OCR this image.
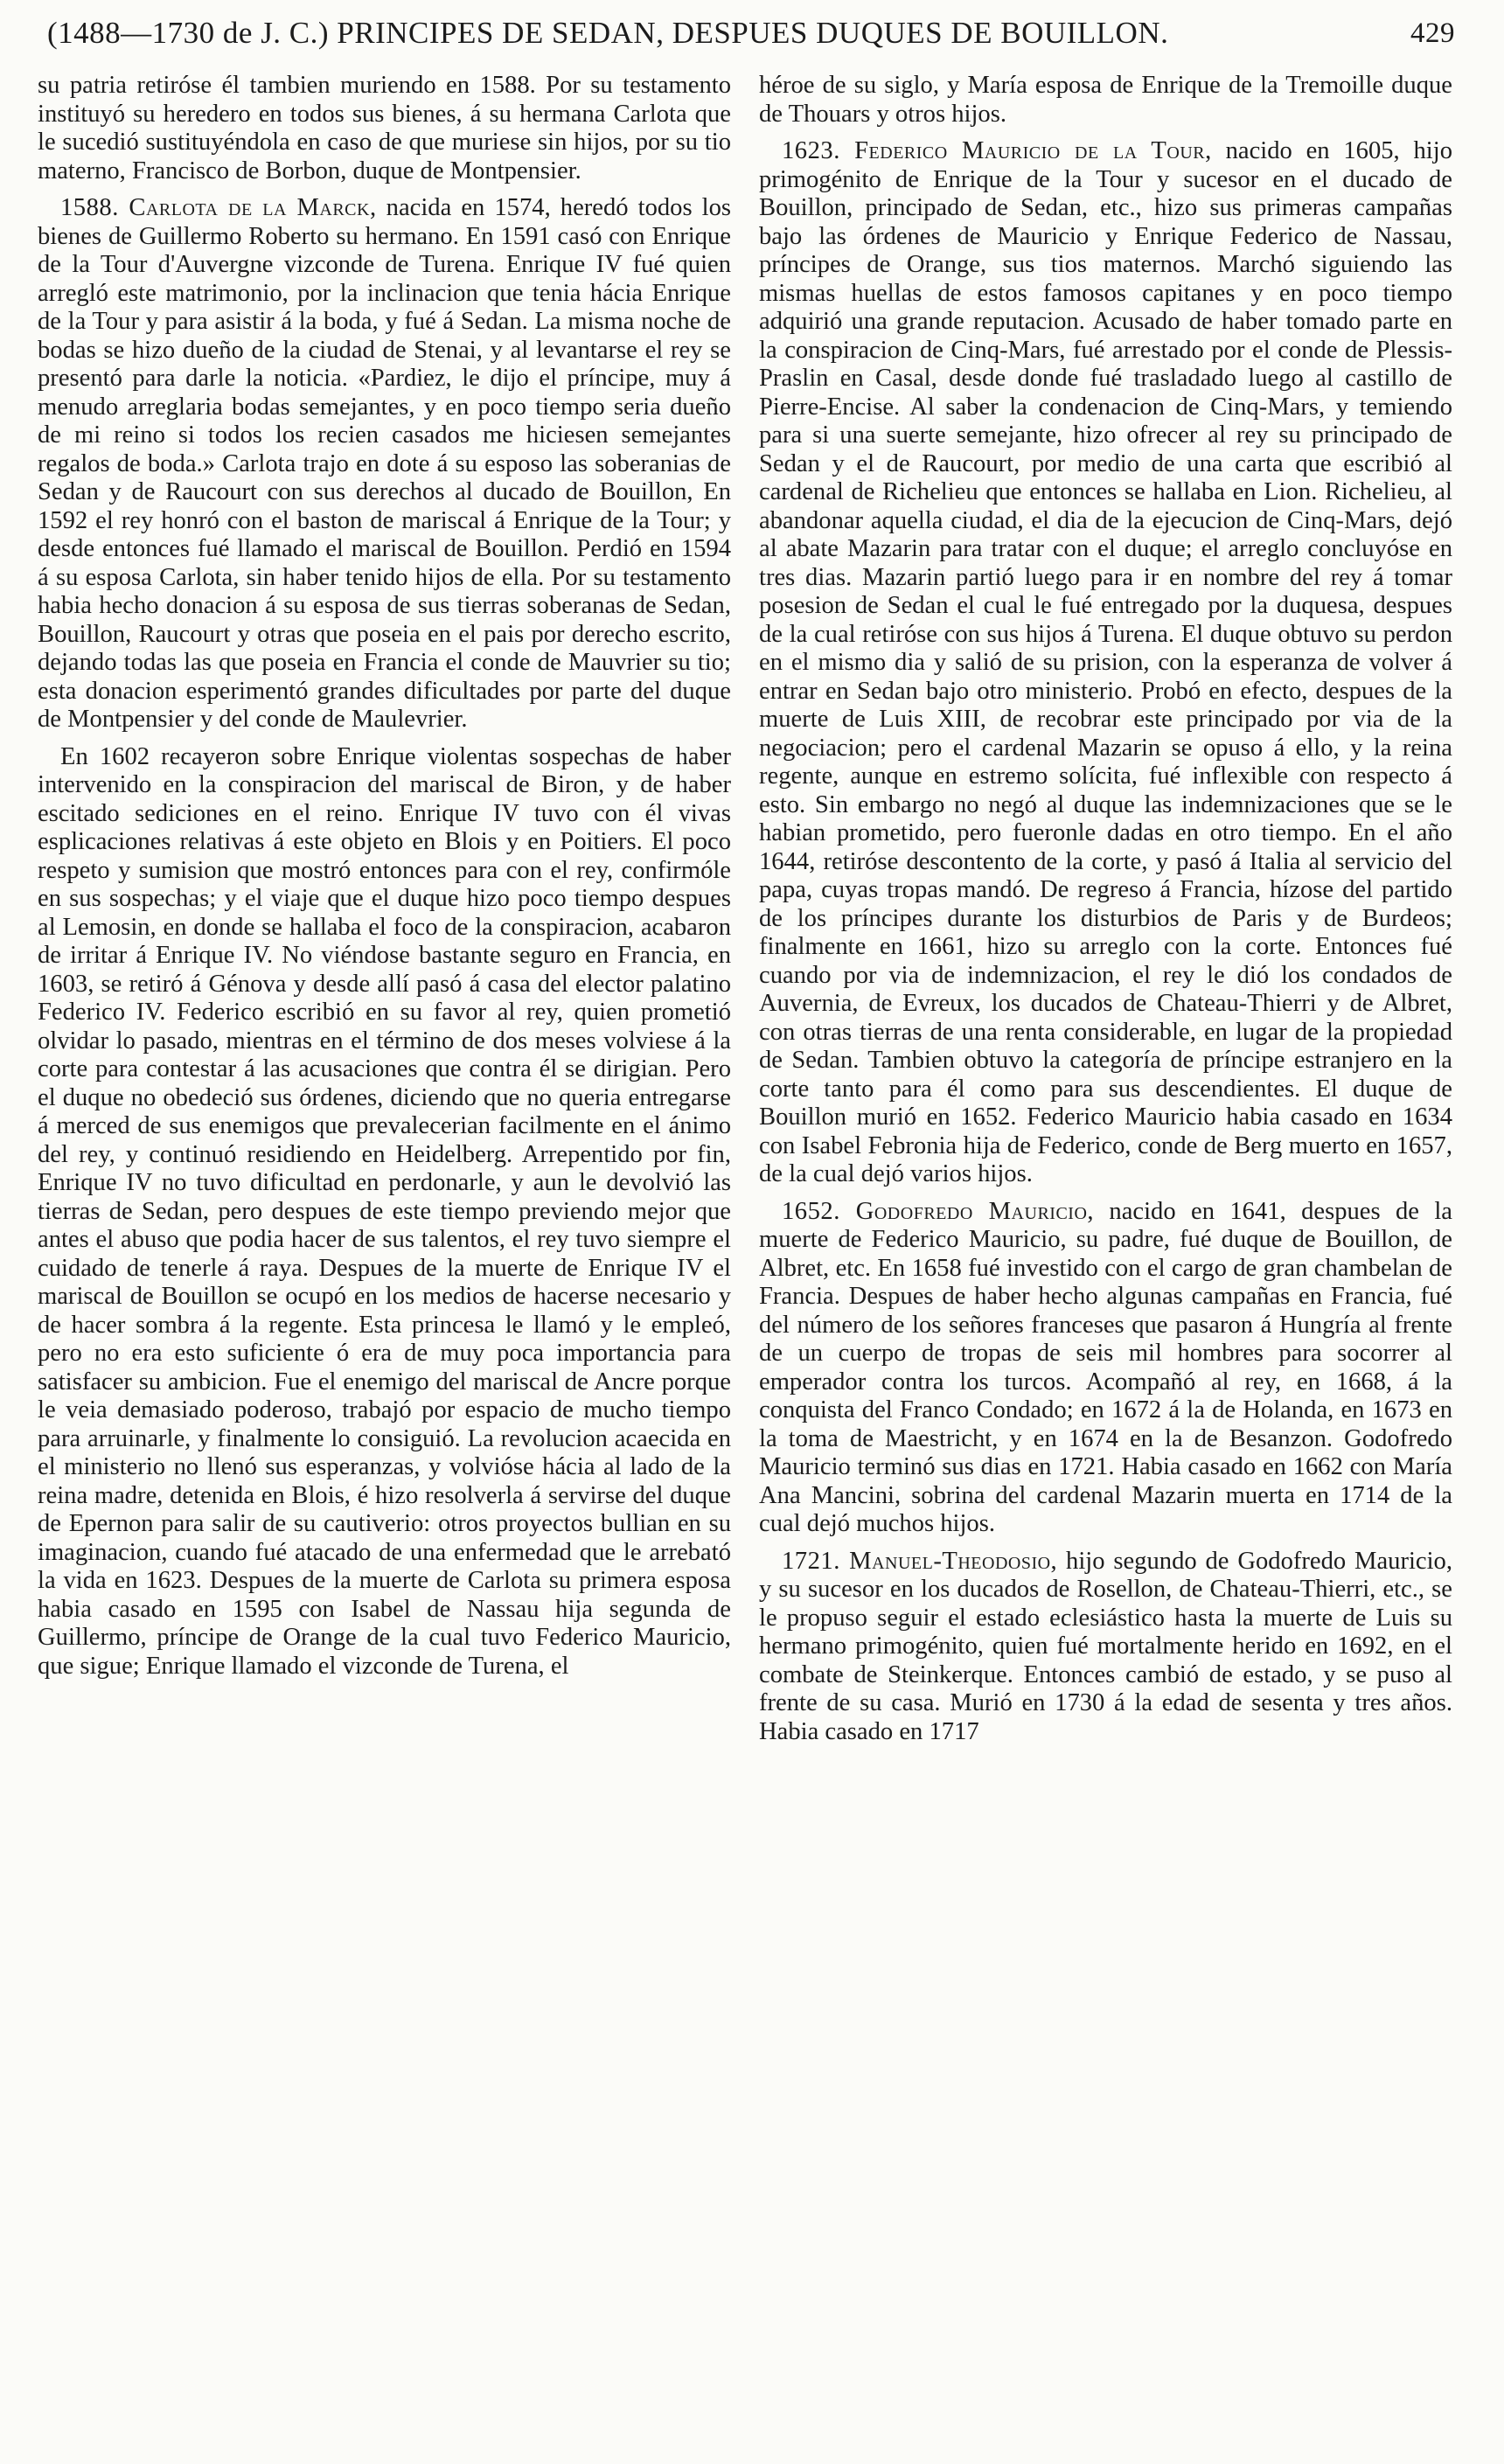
(1488—1730 de J. C.) PRINCIPES DE SEDAN, DESPUES DUQUES DE BOUILLON.	429

su patria retiróse él tambien muriendo en 1588. Por su testamento instituyó su heredero en todos sus bienes, á su hermana Carlota que le sucedió sustituyéndola en caso de que muriese sin hijos, por su tio materno, Francisco de Borbon, duque de Montpensier.

1588. Carlota de la Marck, nacida en 1574, heredó todos los bienes de Guillermo Roberto su hermano. En 1591 casó con Enrique de la Tour d'Auvergne vizconde de Turena. Enrique IV fué quien arregló este matrimonio, por la inclinacion que tenia hácia Enrique de la Tour y para asistir á la boda, y fué á Sedan. La misma noche de bodas se hizo dueño de la ciudad de Stenai, y al levantarse el rey se presentó para darle la noticia. «Pardiez, le dijo el príncipe, muy á menudo arreglaria bodas semejantes, y en poco tiempo seria dueño de mi reino si todos los recien casados me hiciesen semejantes regalos de boda.» Carlota trajo en dote á su esposo las soberanias de Sedan y de Raucourt con sus derechos al ducado de Bouillon, En 1592 el rey honró con el baston de mariscal á Enrique de la Tour; y desde entonces fué llamado el mariscal de Bouillon. Perdió en 1594 á su esposa Carlota, sin haber tenido hijos de ella. Por su testamento habia hecho donacion á su esposa de sus tierras soberanas de Sedan, Bouillon, Raucourt y otras que poseia en el pais por derecho escrito, dejando todas las que poseia en Francia el conde de Mauvrier su tio; esta donacion esperimentó grandes dificultades por parte del duque de Montpensier y del conde de Maulevrier.

En 1602 recayeron sobre Enrique violentas sospechas de haber intervenido en la conspiracion del mariscal de Biron, y de haber escitado sediciones en el reino. Enrique IV tuvo con él vivas esplicaciones relativas á este objeto en Blois y en Poitiers. El poco respeto y sumision que mostró entonces para con el rey, confirmóle en sus sospechas; y el viaje que el duque hizo poco tiempo despues al Lemosin, en donde se hallaba el foco de la conspiracion, acabaron de irritar á Enrique IV. No viéndose bastante seguro en Francia, en 1603, se retiró á Génova y desde allí pasó á casa del elector palatino Federico IV. Federico escribió en su favor al rey, quien prometió olvidar lo pasado, mientras en el término de dos meses volviese á la corte para contestar á las acusaciones que contra él se dirigian. Pero el duque no obedeció sus órdenes, diciendo que no queria entregarse á merced de sus enemigos que prevalecerian facilmente en el ánimo del rey, y continuó residiendo en Heidelberg. Arrepentido por fin, Enrique IV no tuvo dificultad en perdonarle, y aun le devolvió las tierras de Sedan, pero despues de este tiempo previendo mejor que antes el abuso que podia hacer de sus talentos, el rey tuvo siempre el cuidado de tenerle á raya. Despues de la muerte de Enrique IV el mariscal de Bouillon se ocupó en los medios de hacerse necesario y de hacer sombra á la regente. Esta princesa le llamó y le empleó, pero no era esto suficiente ó era de muy poca importancia para satisfacer su ambicion. Fue el enemigo del mariscal de Ancre porque le veia demasiado poderoso, trabajó por espacio de mucho tiempo para arruinarle, y finalmente lo consiguió. La revolucion acaecida en el ministerio no llenó sus esperanzas, y volvióse hácia al lado de la reina madre, detenida en Blois, é hizo resolverla á servirse del duque de Epernon para salir de su cautiverio: otros proyectos bullian en su imaginacion, cuando fué atacado de una enfermedad que le arrebató la vida en 1623. Despues de la muerte de Carlota su primera esposa habia casado en 1595 con Isabel de Nassau hija segunda de Guillermo, príncipe de Orange de la cual tuvo Federico Mauricio, que sigue; Enrique llamado el vizconde de Turena, el

héroe de su siglo, y María esposa de Enrique de la Tremoille duque de Thouars y otros hijos.

1623. Federico Mauricio de la Tour, nacido en 1605, hijo primogénito de Enrique de la Tour y sucesor en el ducado de Bouillon, principado de Sedan, etc., hizo sus primeras campañas bajo las órdenes de Mauricio y Enrique Federico de Nassau, príncipes de Orange, sus tios maternos. Marchó siguiendo las mismas huellas de estos famosos capitanes y en poco tiempo adquirió una grande reputacion. Acusado de haber tomado parte en la conspiracion de Cinq-Mars, fué arrestado por el conde de Plessis-Praslin en Casal, desde donde fué trasladado luego al castillo de Pierre-Encise. Al saber la condenacion de Cinq-Mars, y temiendo para si una suerte semejante, hizo ofrecer al rey su principado de Sedan y el de Raucourt, por medio de una carta que escribió al cardenal de Richelieu que entonces se hallaba en Lion. Richelieu, al abandonar aquella ciudad, el dia de la ejecucion de Cinq-Mars, dejó al abate Mazarin para tratar con el duque; el arreglo concluyóse en tres dias. Mazarin partió luego para ir en nombre del rey á tomar posesion de Sedan el cual le fué entregado por la duquesa, despues de la cual retiróse con sus hijos á Turena. El duque obtuvo su perdon en el mismo dia y salió de su prision, con la esperanza de volver á entrar en Sedan bajo otro ministerio. Probó en efecto, despues de la muerte de Luis XIII, de recobrar este principado por via de la negociacion; pero el cardenal Mazarin se opuso á ello, y la reina regente, aunque en estremo solícita, fué inflexible con respecto á esto. Sin embargo no negó al duque las indemnizaciones que se le habian prometido, pero fueronle dadas en otro tiempo. En el año 1644, retiróse descontento de la corte, y pasó á Italia al servicio del papa, cuyas tropas mandó. De regreso á Francia, hízose del partido de los príncipes durante los disturbios de Paris y de Burdeos; finalmente en 1661, hizo su arreglo con la corte. Entonces fué cuando por via de indemnizacion, el rey le dió los condados de Auvernia, de Evreux, los ducados de Chateau-Thierri y de Albret, con otras tierras de una renta considerable, en lugar de la propiedad de Sedan. Tambien obtuvo la categoría de príncipe estranjero en la corte tanto para él como para sus descendientes. El duque de Bouillon murió en 1652. Federico Mauricio habia casado en 1634 con Isabel Febronia hija de Federico, conde de Berg muerto en 1657, de la cual dejó varios hijos.

1652. Godofredo Mauricio, nacido en 1641, despues de la muerte de Federico Mauricio, su padre, fué duque de Bouillon, de Albret, etc. En 1658 fué investido con el cargo de gran chambelan de Francia. Despues de haber hecho algunas campañas en Francia, fué del número de los señores franceses que pasaron á Hungría al frente de un cuerpo de tropas de seis mil hombres para socorrer al emperador contra los turcos. Acompañó al rey, en 1668, á la conquista del Franco Condado; en 1672 á la de Holanda, en 1673 en la toma de Maestricht, y en 1674 en la de Besanzon. Godofredo Mauricio terminó sus dias en 1721. Habia casado en 1662 con María Ana Mancini, sobrina del cardenal Mazarin muerta en 1714 de la cual dejó muchos hijos.

1721. Manuel-Theodosio, hijo segundo de Godofredo Mauricio, y su sucesor en los ducados de Rosellon, de Chateau-Thierri, etc., se le propuso seguir el estado eclesiástico hasta la muerte de Luis su hermano primogénito, quien fué mortalmente herido en 1692, en el combate de Steinkerque. Entonces cambió de estado, y se puso al frente de su casa. Murió en 1730 á la edad de sesenta y tres años. Habia casado en 1717
